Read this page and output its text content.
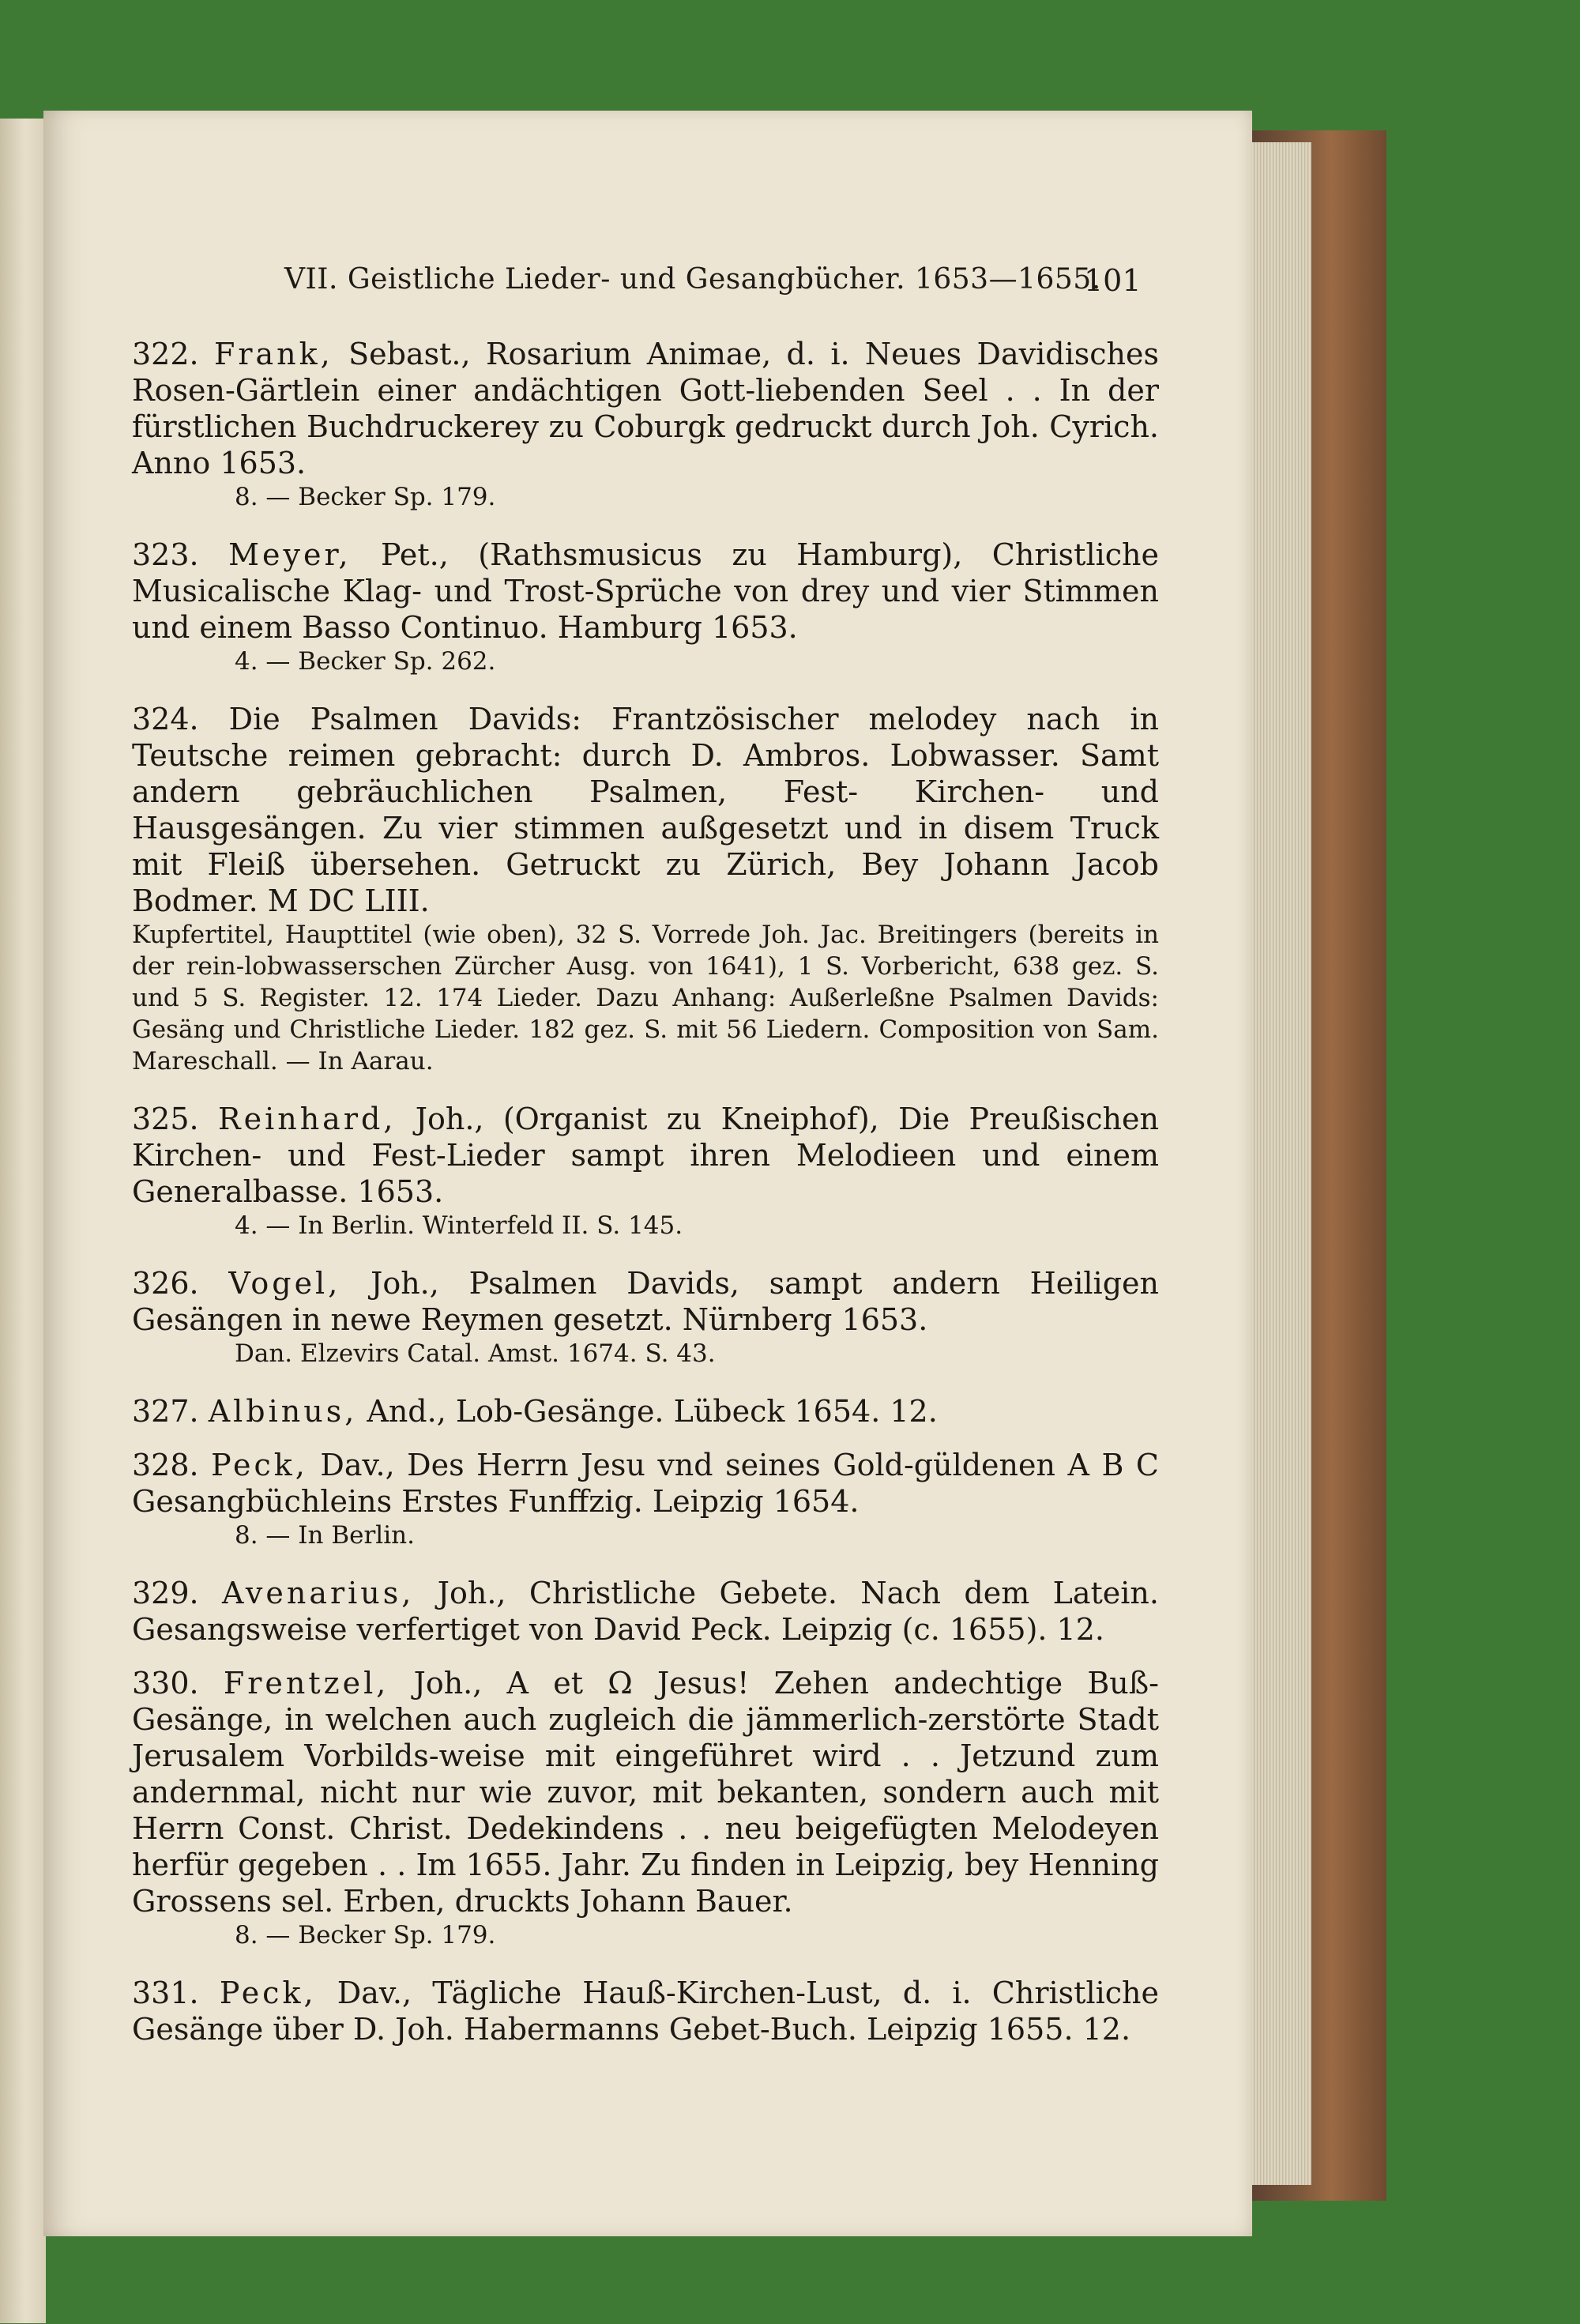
VII. Geistliche Lieder- und Gesangbücher. 1653—1655.
101
322. Frank, Sebast., Rosarium Animae, d. i. Neues Davidisches Rosen-Gärtlein einer andächtigen Gott-liebenden Seel . . In der fürstlichen Buchdruckerey zu Coburgk gedruckt durch Joh. Cyrich. Anno 1653.
8. — Becker Sp. 179.
323. Meyer, Pet., (Rathsmusicus zu Hamburg), Christliche Musicalische Klag- und Trost-Sprüche von drey und vier Stimmen und einem Basso Continuo. Hamburg 1653.
4. — Becker Sp. 262.
324. Die Psalmen Davids: Frantzösischer melodey nach in Teutsche reimen gebracht: durch D. Ambros. Lobwasser. Samt andern gebräuchlichen Psalmen, Fest- Kirchen- und Hausgesängen. Zu vier stimmen außgesetzt und in disem Truck mit Fleiß übersehen. Getruckt zu Zürich, Bey Johann Jacob Bodmer. M DC LIII.
Kupfertitel, Haupttitel (wie oben), 32 S. Vorrede Joh. Jac. Breitingers (bereits in der rein-lobwasserschen Zürcher Ausg. von 1641), 1 S. Vorbericht, 638 gez. S. und 5 S. Register. 12. 174 Lieder. Dazu Anhang: Außerleßne Psalmen Davids: Gesäng und Christliche Lieder. 182 gez. S. mit 56 Liedern. Composition von Sam. Mareschall. — In Aarau.
325. Reinhard, Joh., (Organist zu Kneiphof), Die Preußischen Kirchen- und Fest-Lieder sampt ihren Melodieen und einem Generalbasse. 1653.
4. — In Berlin. Winterfeld II. S. 145.
326. Vogel, Joh., Psalmen Davids, sampt andern Heiligen Gesängen in newe Reymen gesetzt. Nürnberg 1653.
Dan. Elzevirs Catal. Amst. 1674. S. 43.
327. Albinus, And., Lob-Gesänge. Lübeck 1654. 12.
328. Peck, Dav., Des Herrn Jesu vnd seines Gold-güldenen A B C Gesangbüchleins Erstes Funffzig. Leipzig 1654.
8. — In Berlin.
329. Avenarius, Joh., Christliche Gebete. Nach dem Latein. Gesangsweise verfertiget von David Peck. Leipzig (c. 1655). 12.
330. Frentzel, Joh., A et Ω Jesus! Zehen andechtige Buß-Gesänge, in welchen auch zugleich die jämmerlich-zerstörte Stadt Jerusalem Vorbilds-weise mit eingeführet wird . . Jetzund zum andernmal, nicht nur wie zuvor, mit bekanten, sondern auch mit Herrn Const. Christ. Dedekindens . . neu beigefügten Melodeyen herfür gegeben . . Im 1655. Jahr. Zu finden in Leipzig, bey Henning Grossens sel. Erben, druckts Johann Bauer.
8. — Becker Sp. 179.
331. Peck, Dav., Tägliche Hauß-Kirchen-Lust, d. i. Christliche Gesänge über D. Joh. Habermanns Gebet-Buch. Leipzig 1655. 12.
